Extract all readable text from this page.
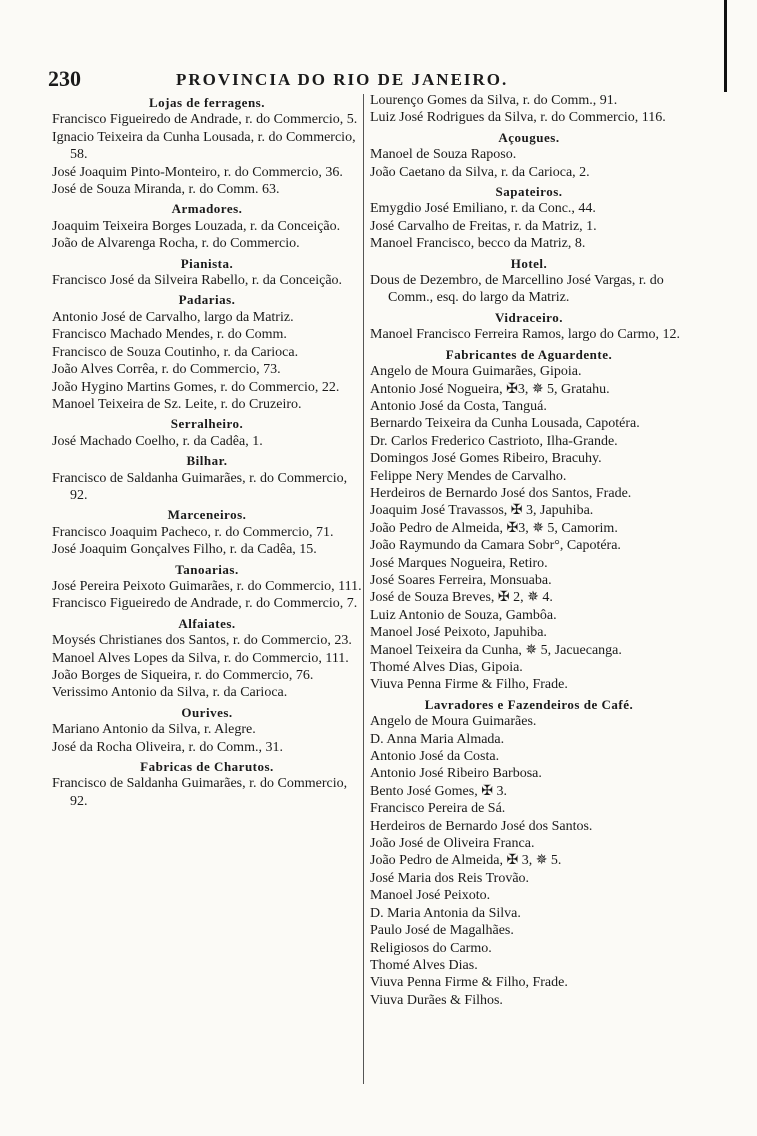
230	PROVINCIA DO RIO DE JANEIRO.
Lojas de ferragens.
Francisco Figueiredo de Andrade, r. do Commercio, 5.
Ignacio Teixeira da Cunha Lousada, r. do Commercio, 58.
José Joaquim Pinto-Monteiro, r. do Commercio, 36.
José de Souza Miranda, r. do Comm. 63.
Armadores.
Joaquim Teixeira Borges Louzada, r. da Conceição.
João de Alvarenga Rocha, r. do Commercio.
Pianista.
Francisco José da Silveira Rabello, r. da Conceição.
Padarias.
Antonio José de Carvalho, largo da Matriz.
Francisco Machado Mendes, r. do Comm.
Francisco de Souza Coutinho, r. da Carioca.
João Alves Corrêa, r. do Commercio, 73.
João Hygino Martins Gomes, r. do Commercio, 22.
Manoel Teixeira de Sz. Leite, r. do Cruzeiro.
Serralheiro.
José Machado Coelho, r. da Cadêa, 1.
Bilhar.
Francisco de Saldanha Guimarães, r. do Commercio, 92.
Marceneiros.
Francisco Joaquim Pacheco, r. do Commercio, 71.
José Joaquim Gonçalves Filho, r. da Cadêa, 15.
Tanoarias.
José Pereira Peixoto Guimarães, r. do Commercio, 111.
Francisco Figueiredo de Andrade, r. do Commercio, 7.
Alfaiates.
Moysés Christianes dos Santos, r. do Commercio, 23.
Manoel Alves Lopes da Silva, r. do Commercio, 111.
João Borges de Siqueira, r. do Commercio, 76.
Verissimo Antonio da Silva, r. da Carioca.
Ourives.
Mariano Antonio da Silva, r. Alegre.
José da Rocha Oliveira, r. do Comm., 31.
Fabricas de Charutos.
Francisco de Saldanha Guimarães, r. do Commercio, 92.
Lourenço Gomes da Silva, r. do Comm., 91.
Luiz José Rodrigues da Silva, r. do Commercio, 116.
Açougues.
Manoel de Souza Raposo.
João Caetano da Silva, r. da Carioca, 2.
Sapateiros.
Emygdio José Emiliano, r. da Conc., 44.
José Carvalho de Freitas, r. da Matriz, 1.
Manoel Francisco, becco da Matriz, 8.
Hotel.
Dous de Dezembro, de Marcellino José Vargas, r. do Comm., esq. do largo da Matriz.
Vidraceiro.
Manoel Francisco Ferreira Ramos, largo do Carmo, 12.
Fabricantes de Aguardente.
Angelo de Moura Guimarães, Gipoia.
Antonio José Nogueira, ✠3, ✵ 5, Gratahu.
Antonio José da Costa, Tanguá.
Bernardo Teixeira da Cunha Lousada, Capotéra.
Dr. Carlos Frederico Castrioto, Ilha-Grande.
Domingos José Gomes Ribeiro, Bracuhy.
Felippe Nery Mendes de Carvalho.
Herdeiros de Bernardo José dos Santos, Frade.
Joaquim José Travassos, ✠ 3, Japuhiba.
João Pedro de Almeida, ✠3, ✵ 5, Camorim.
João Raymundo da Camara Sobr°, Capotéra.
José Marques Nogueira, Retiro.
José Soares Ferreira, Monsuaba.
José de Souza Breves, ✠ 2, ✵ 4.
Luiz Antonio de Souza, Gambôa.
Manoel José Peixoto, Japuhiba.
Manoel Teixeira da Cunha, ✵ 5, Jacuecanga.
Thomé Alves Dias, Gipoia.
Viuva Penna Firme & Filho, Frade.
Lavradores e Fazendeiros de Café.
Angelo de Moura Guimarães.
D. Anna Maria Almada.
Antonio José da Costa.
Antonio José Ribeiro Barbosa.
Bento José Gomes, ✠ 3.
Francisco Pereira de Sá.
Herdeiros de Bernardo José dos Santos.
João José de Oliveira Franca.
João Pedro de Almeida, ✠ 3, ✵ 5.
José Maria dos Reis Trovão.
Manoel José Peixoto.
D. Maria Antonia da Silva.
Paulo José de Magalhães.
Religiosos do Carmo.
Thomé Alves Dias.
Viuva Penna Firme & Filho, Frade.
Viuva Durães & Filhos.
